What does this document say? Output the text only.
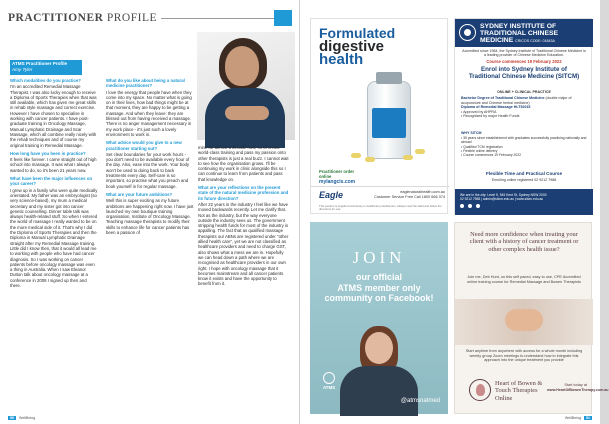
PRACTITIONER PROFILE
ATMS Practitioner Profile
Amy Tyler
Which modalities do you practice?
I'm an accredited Remedial Massage Therapist. I was also lucky enough to receive a Diploma of Sports Therapies when that was still available, which has given me great skills in rehab style massage and correct exercise. However I have chosen to specialise in working with cancer patients. I have post-graduate training in Oncology Massage, Manual Lymphatic Drainage and Scar Massage, which all combine really nicely with the rehab techniques and of course my original training in Remedial Massage.
How long have you been in practice?
It feels like forever. I came straight out of high school into massage. It was what I always wanted to do, so it's been 21 years now.
What have been the major influences on your career?
I grew up in a family who were quite medically orientated. My father was an embryologist (so very science-based), my mum a medical secretary and my sister got into cancer genetic counselling. Dinner table talk was always health-related stuff. So when I entered the world of massage I really wanted to be on the more medical side of it. That's why I did the Diploma of Sports Therapies and then the Diploma in Manual Lymphatic Drainage straight after my Remedial Massage training. Little did I know then, that it would all lead me to working with people who have had cancer diagnosis. So I was working on cancer patients before oncology massage was even a thing in Australia. When I saw Eleanor Dutton talk about oncology massage at a conference in 2008 I signed up then and there.
What do you like about being a natural medicine practitioner?
I love the energy that people have when they come into my space. No matter what is going on in their lives, how bad things might be at that moment, they are happy to be getting a massage. And when they leave: they are blissed out from having received a massage. There is no anger management necessary in my work place - it's just such a lovely environment to work in.
What advice would you give to a new practitioner starting out?
Set clear boundaries for your work hours - you don't need to be available every hour of the day. Also, ease into the work. Your body won't be used to doing back to back treatments every day. Self-care is so important, so practise what you preach and book yourself in for regular massage.
What are your future ambitions?
Well this is super exciting as my future ambitions are happening right now. I have just launched my own boutique training organisation, Institute of Oncology Massage. Teaching massage therapists to modify their skills to enhance life for cancer patients has been a passion of
mine for almost a decade now, so to create world-class training and pass my passion onto other therapists is just a real buzz. I cannot wait to see how the organisation grows. I'll be continuing my work in clinic alongside this so I can continue to learn from patients and pass that knowledge on.
What are your reflections on the present state of the natural medicine profession and its future direction?
After 22 years in the industry I feel like we have moved backwards recently. Let me clarify that. Not as the industry, but the way everyone outside the industry sees us. The government stripping health funds for most of the industry is appalling. The fact that as qualified massage therapists our ABNs are registered under "other allied health care", yet we are not classified as healthcare providers and need to charge GST, also shows what a mess we are in. Hopefully we can head down a path where we are recognised as healthcare providers in our own right. I hope with oncology massage that it becomes mainstream and all cancer patients know it exists and have the opportunity to benefit from it.
50	WellBeing
Formulated
digestive
health
Practitioner order
online
mylangcis.com
Eagle	eaglenaturalhealth.com.au
Customer Service Free Call 1800 666 374
This product is supplied exclusively to healthcare practitioners. Always read the label and follow the directions for use.
SYDNEY INSTITUTE OF
TRADITIONAL CHINESE
MEDICINE CRICOS CODE: 01843A
Accredited since 1984, the Sydney Institute of Traditional Chinese Medicine is a leading provider of Chinese Medicine Education.
Course commences 19 February 2022
Enrol into Sydney Institute of
Traditional Chinese Medicine (SITCM)
ONLINE + CLINICAL PRACTICE
Bachelor Degree of Traditional Chinese Medicine (double major of acupuncture and Chinese herbal medicine)
Diploma of Remedial Massage HLT52015
• Approved by AHPRA
• Recognised by major Health Funds
WHY SITCM
• 35 years since establishment with graduates successfully practising nationally and abroad
• Qualified TCM registration
• Flexible online delivery
• Course commences 19 February 2022
Flexible Time and Practical Course
Enrolling online registered 02 9212 7988
We are in the city: Level 5, 545 Kent St, Sydney NSW 2000
02 9212 7988 | admin@sitcm.edu.au | www.sitcm.edu.au
JOIN
our official
ATMS member only
community on Facebook!
ATMS
@atmsnatmed
Need more confidence when treating your client with a history of cancer treatment or other complex health issue?
Join me, Deb Hunt, on this self paced, easy to use, CPE Accredited online training course for Remedial Massage and Bowen Therapists
Start anytime from anywhere with access for a whole month including weekly group Zoom meetings to understand how to integrate this approach into the unique treatment you provide
Heart of Bowen &
Touch Therapies
Online
Start today at
www.HeartOfBowenTherapy.com.au
WellBeing	51
